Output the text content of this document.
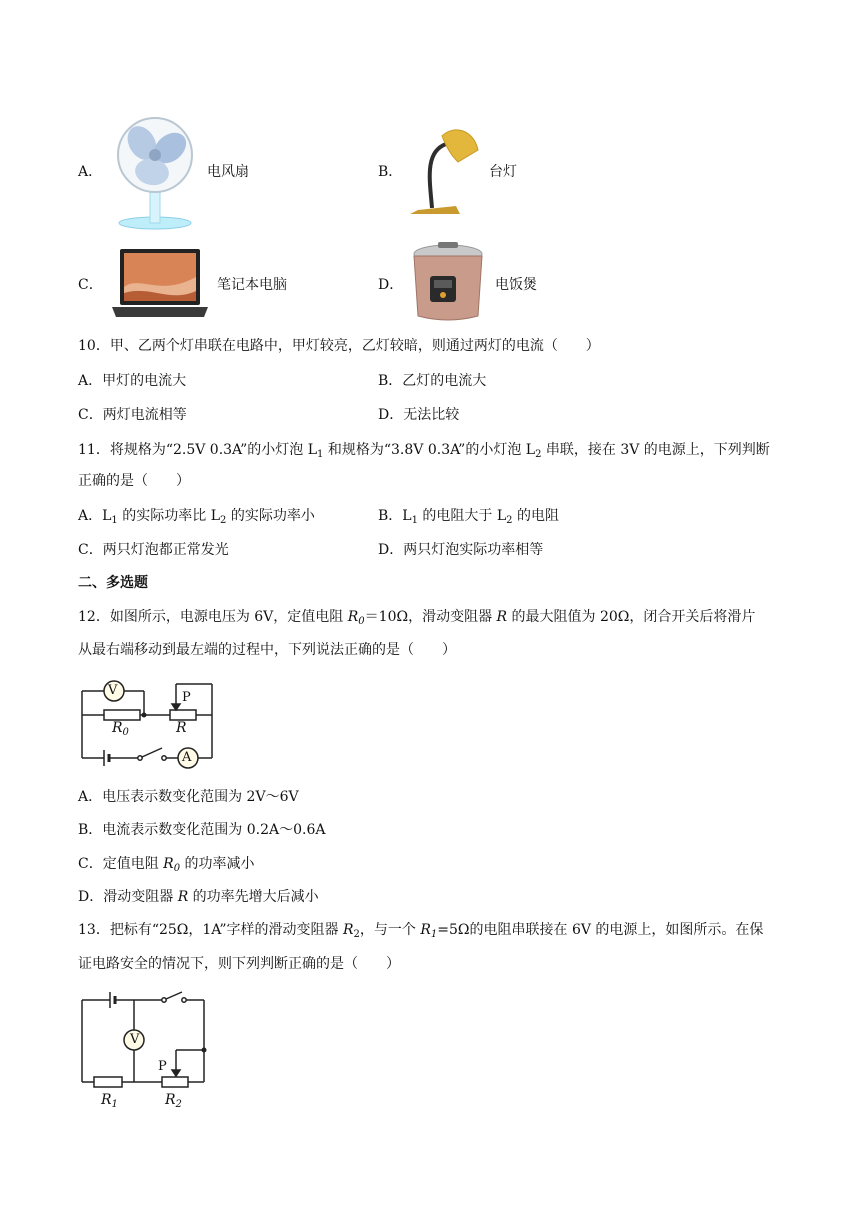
A．	电风扇	B．	台灯
C．	笔记本电脑	D．	电饭煲
10．甲、乙两个灯串联在电路中，甲灯较亮，乙灯较暗，则通过两灯的电流（　　）
A．甲灯的电流大	B．乙灯的电流大
C．两灯电流相等	D．无法比较
11．将规格为“2.5V 0.3A”的小灯泡 $L_1$ 和规格为“3.8V 0.3A”的小灯泡 $L_2$ 串联，接在 3V 的电源上，下列判断
正确的是（　　）
A．$L_1$ 的实际功率比 $L_2$ 的实际功率小	B．$L_1$ 的电阻大于 $L_2$ 的电阻
C．两只灯泡都正常发光	D．两只灯泡实际功率相等
二、多选题
12．如图所示，电源电压为 6V，定值电阻 $R_0=10\Omega$，滑动变阻器 R 的最大阻值为 20Ω，闭合开关后将滑片
从最右端移动到最左端的过程中，下列说法正确的是（　　）
V
A
P
$R_0$	R
A．电压表示数变化范围为 2V～6V
B．电流表示数变化范围为 0.2A～0.6A
C．定值电阻 $R_0$ 的功率减小
D．滑动变阻器 R 的功率先增大后减小
13．把标有“25Ω，1A”字样的滑动变阻器 $R_2$，与一个 $R_1=5\Omega$的电阻串联接在 6V 的电源上，如图所示。在保
证电路安全的情况下，则下列判断正确的是（　　）
V
P
$R_1$	$R_2$
